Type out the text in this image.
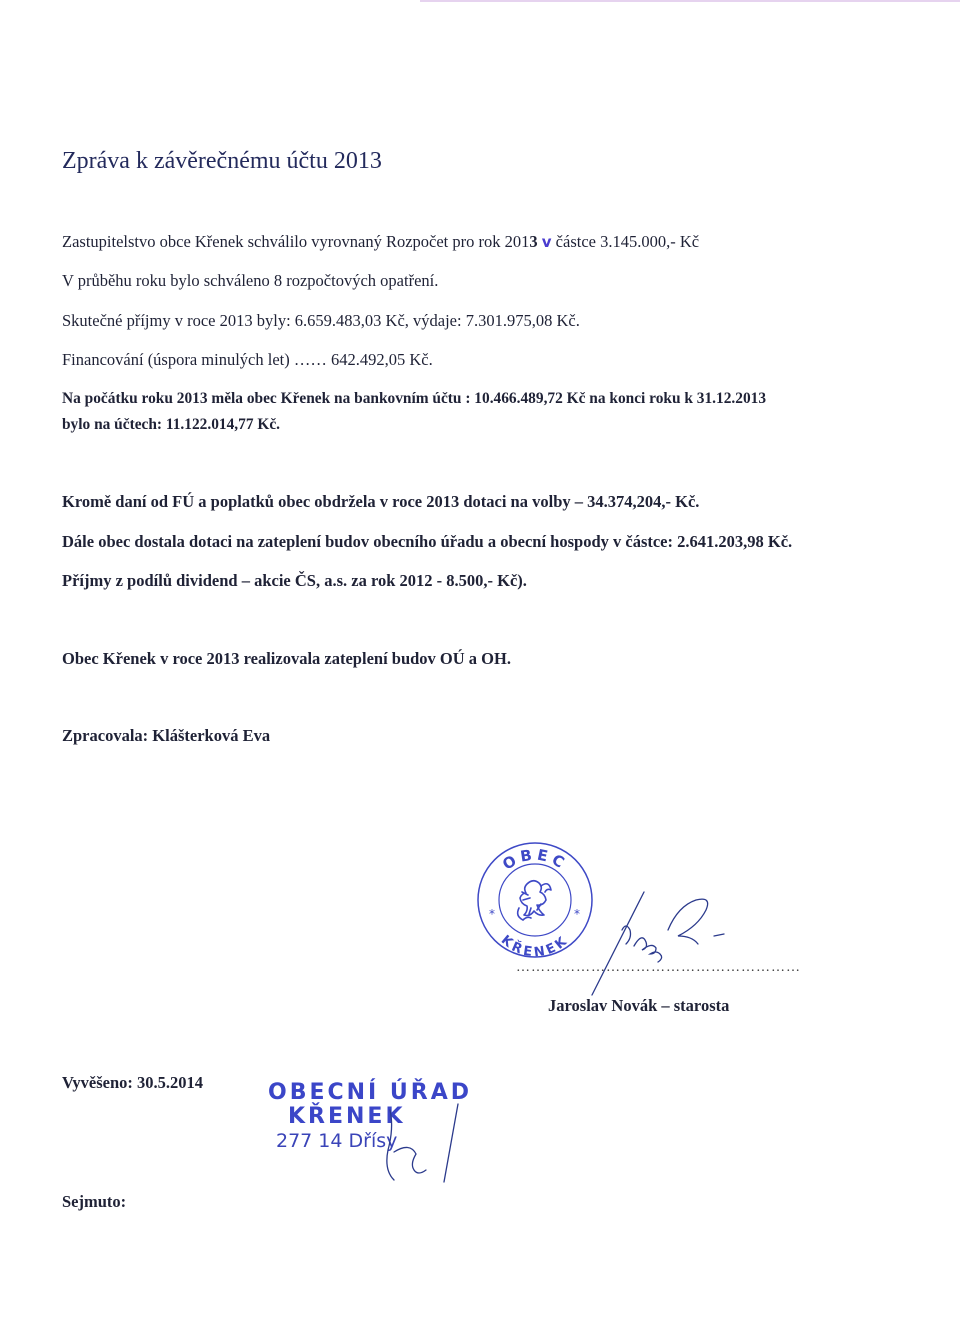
Zpráva k závěrečnému účtu 2013

Zastupitelstvo obce Křenek schválilo vyrovnaný Rozpočet pro rok 2013 v částce 3.145.000,- Kč

V průběhu roku bylo schváleno 8 rozpočtových opatření.

Skutečné příjmy v roce 2013 byly: 6.659.483,03 Kč, výdaje: 7.301.975,08 Kč.

Financování (úspora minulých let) …… 642.492,05 Kč.

Na počátku roku 2013 měla obec Křenek na bankovním účtu : 10.466.489,72 Kč na konci roku k 31.12.2013

bylo na účtech: 11.122.014,77 Kč.

Kromě daní od FÚ a poplatků obec obdržela v roce 2013 dotaci na volby – 34.374,204,- Kč.

Dále obec dostala dotaci na zateplení budov obecního úřadu a obecní hospody v částce: 2.641.203,98 Kč.

Příjmy z podílů dividend – akcie ČS, a.s. za rok 2012 - 8.500,- Kč).

Obec Křenek v roce 2013 realizovala zateplení budov OÚ a OH.

Zpracovala: Klášterková Eva

OBEC
KŘENEK
*	*
…………………………………………………

Jaroslav Novák – starosta

Vyvěšeno: 30.5.2014	OBECNÍ ÚŘAD
KŘENEK
277 14 Dřísy

Sejmuto:
